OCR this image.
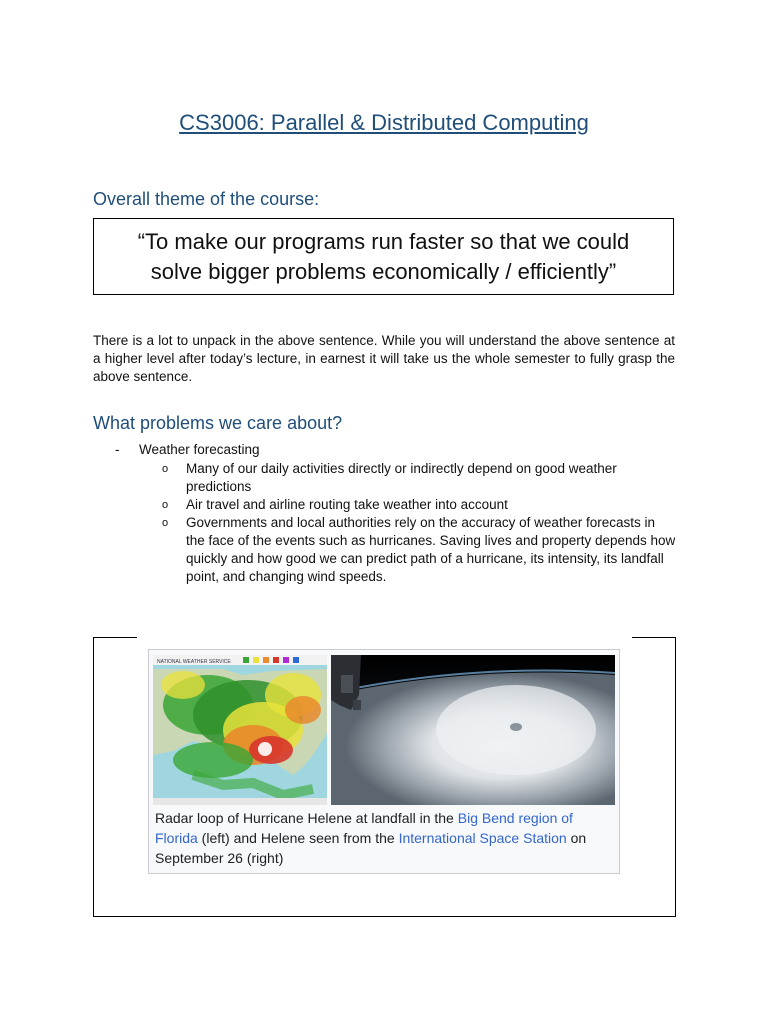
CS3006: Parallel & Distributed Computing
Overall theme of the course:
“To make our programs run faster so that we could
solve bigger problems economically / efficiently”
There is a lot to unpack in the above sentence. While you will understand the above sentence at a higher level after today’s lecture, in earnest it will take us the whole semester to fully grasp the above sentence.
What problems we care about?
- Weather forecasting
o	Many of our daily activities directly or indirectly depend on good weather predictions
o	Air travel and airline routing take weather into account
o	Governments and local authorities rely on the accuracy of weather forecasts in the face of the events such as hurricanes. Saving lives and property depends how quickly and how good we can predict path of a hurricane, its intensity, its landfall point, and changing wind speeds.
NATIONAL WEATHER SERVICE
Radar loop of Hurricane Helene at landfall in the Big Bend region of Florida (left) and Helene seen from the International Space Station on September 26 (right)
